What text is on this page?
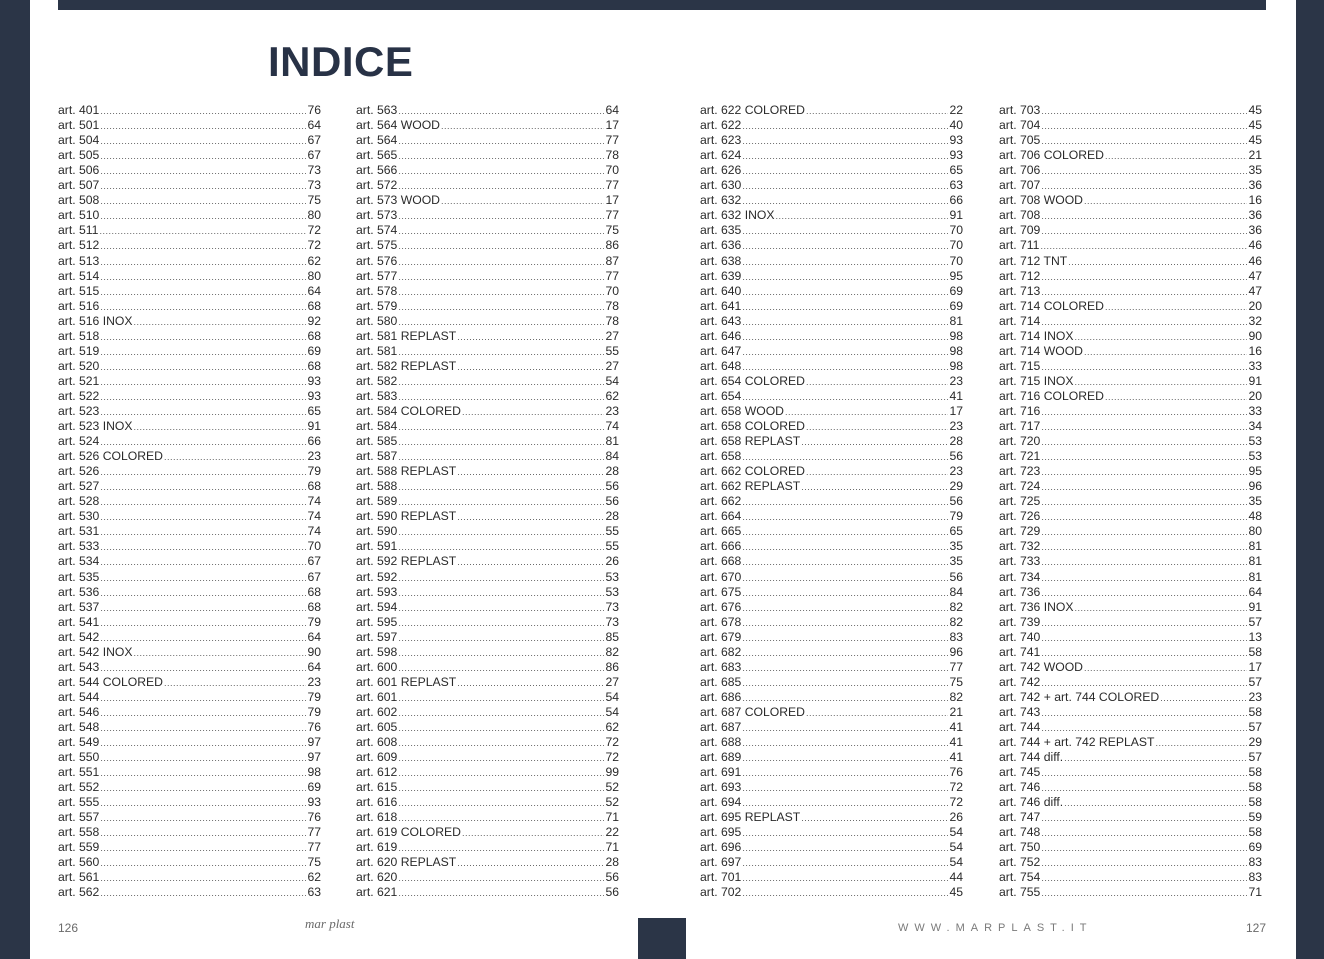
INDICE
art. 401 .....	76
art. 501 .....	64
art. 504 .....	67
art. 505 .....	67
art. 506 .....	73
art. 507 .....	73
art. 508 .....	75
art. 510 .....	80
art. 511 .....	72
art. 512 .....	72
art. 513 .....	62
art. 514 .....	80
art. 515 .....	64
art. 516 .....	68
art. 516 INOX .....	92
art. 518 .....	68
art. 519 .....	69
art. 520 .....	68
art. 521 .....	93
art. 522 .....	93
art. 523 .....	65
art. 523 INOX .....	91
art. 524 .....	66
art. 526 COLORED .....	23
art. 526 .....	79
art. 527 .....	68
art. 528 .....	74
art. 530 .....	74
art. 531 .....	74
art. 533 .....	70
art. 534 .....	67
art. 535 .....	67
art. 536 .....	68
art. 537 .....	68
art. 541 .....	79
art. 542 .....	64
art. 542 INOX .....	90
art. 543 .....	64
art. 544 COLORED .....	23
art. 544 .....	79
art. 546 .....	79
art. 548 .....	76
art. 549 .....	97
art. 550 .....	97
art. 551 .....	98
art. 552 .....	69
art. 555 .....	93
art. 557 .....	76
art. 558 .....	77
art. 559 .....	77
art. 560 .....	75
art. 561 .....	62
art. 562 .....	63
art. 563 .....	64
art. 564 WOOD .....	17
art. 564 .....	77
art. 565 .....	78
art. 566 .....	70
art. 572 .....	77
art. 573 WOOD .....	17
art. 573 .....	77
art. 574 .....	75
art. 575 .....	86
art. 576 .....	87
art. 577 .....	77
art. 578 .....	70
art. 579 .....	78
art. 580 .....	78
art. 581 REPLAST .....	27
art. 581 .....	55
art. 582 REPLAST .....	27
art. 582 .....	54
art. 583 .....	62
art. 584 COLORED .....	23
art. 584 .....	74
art. 585 .....	81
art. 587 .....	84
art. 588 REPLAST .....	28
art. 588 .....	56
art. 589 .....	56
art. 590 REPLAST .....	28
art. 590 .....	55
art. 591 .....	55
art. 592 REPLAST .....	26
art. 592 .....	53
art. 593 .....	53
art. 594 .....	73
art. 595 .....	73
art. 597 .....	85
art. 598 .....	82
art. 600 .....	86
art. 601 REPLAST .....	27
art. 601 .....	54
art. 602 .....	54
art. 605 .....	62
art. 608 .....	72
art. 609 .....	72
art. 612 .....	99
art. 615 .....	52
art. 616 .....	52
art. 618 .....	71
art. 619 COLORED .....	22
art. 619 .....	71
art. 620 REPLAST .....	28
art. 620 .....	56
art. 621 .....	56
art. 622 COLORED .....	22
art. 622 .....	40
art. 623 .....	93
art. 624 .....	93
art. 626 .....	65
art. 630 .....	63
art. 632 .....	66
art. 632 INOX .....	91
art. 635 .....	70
art. 636 .....	70
art. 638 .....	70
art. 639 .....	95
art. 640 .....	69
art. 641 .....	69
art. 643 .....	81
art. 646 .....	98
art. 647 .....	98
art. 648 .....	98
art. 654 COLORED .....	23
art. 654 .....	41
art. 658 WOOD .....	17
art. 658 COLORED .....	23
art. 658 REPLAST .....	28
art. 658 .....	56
art. 662 COLORED .....	23
art. 662 REPLAST .....	29
art. 662 .....	56
art. 664 .....	79
art. 665 .....	65
art. 666 .....	35
art. 668 .....	35
art. 670 .....	56
art. 675 .....	84
art. 676 .....	82
art. 678 .....	82
art. 679 .....	83
art. 682 .....	96
art. 683 .....	77
art. 685 .....	75
art. 686 .....	82
art. 687 COLORED .....	21
art. 687 .....	41
art. 688 .....	41
art. 689 .....	41
art. 691 .....	76
art. 693 .....	72
art. 694 .....	72
art. 695 REPLAST .....	26
art. 695 .....	54
art. 696 .....	54
art. 697 .....	54
art. 701 .....	44
art. 702 .....	45
art. 703 .....	45
art. 704 .....	45
art. 705 .....	45
art. 706 COLORED .....	21
art. 706 .....	35
art. 707 .....	36
art. 708 WOOD .....	16
art. 708 .....	36
art. 709 .....	36
art. 711 .....	46
art. 712 TNT .....	46
art. 712 .....	47
art. 713 .....	47
art. 714 COLORED .....	20
art. 714 .....	32
art. 714 INOX .....	90
art. 714 WOOD .....	16
art. 715 .....	33
art. 715 INOX .....	91
art. 716 COLORED .....	20
art. 716 .....	33
art. 717 .....	34
art. 720 .....	53
art. 721 .....	53
art. 723 .....	95
art. 724 .....	96
art. 725 .....	35
art. 726 .....	48
art. 729 .....	80
art. 732 .....	81
art. 733 .....	81
art. 734 .....	81
art. 736 .....	64
art. 736 INOX .....	91
art. 739 .....	57
art. 740 .....	13
art. 741 .....	58
art. 742 WOOD .....	17
art. 742 .....	57
art. 742 + art. 744 COLORED .....	23
art. 743 .....	58
art. 744 .....	57
art. 744 + art. 742 REPLAST .....	29
art. 744 diff. .....	57
art. 745 .....	58
art. 746 .....	58
art. 746 diff. .....	58
art. 747 .....	59
art. 748 .....	58
art. 750 .....	69
art. 752 .....	83
art. 754 .....	83
art. 755 .....	71
126	mar plast	WWW.MARPLAST.IT	127
